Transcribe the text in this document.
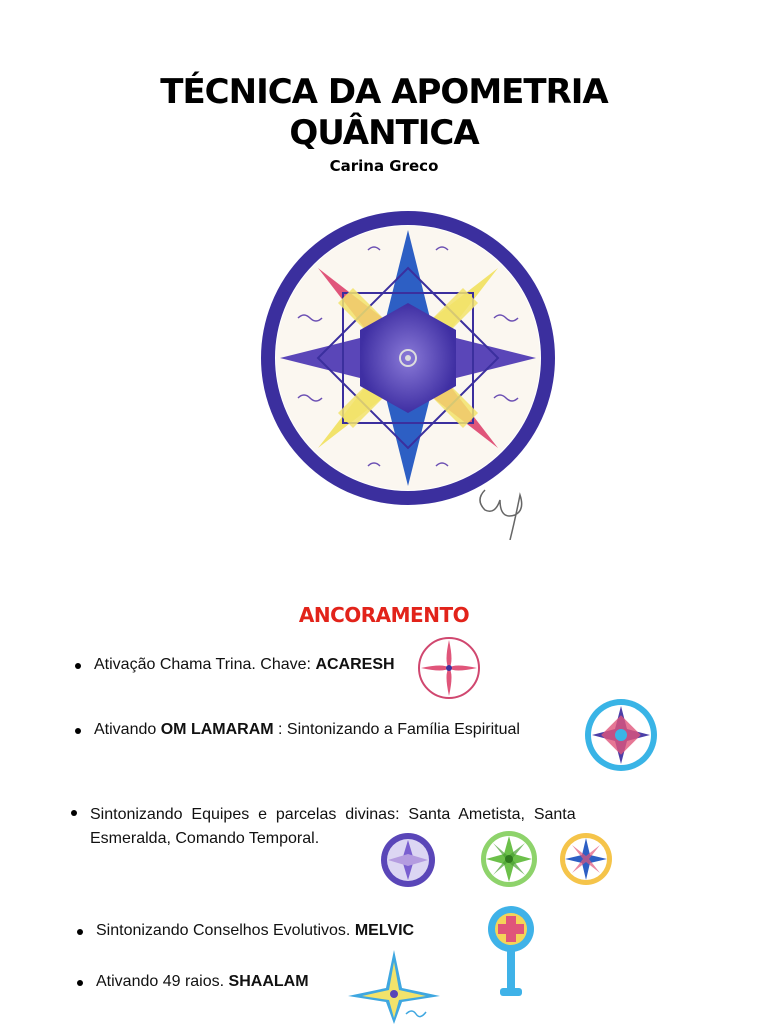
TÉCNICA DA APOMETRIA
QUÂNTICA
Carina Greco
ANCORAMENTO
Ativação Chama Trina. Chave: ACARESH
Ativando OM LAMARAM : Sintonizando a Família Espiritual
Sintonizando  Equipes  e  parcelas  divinas:  Santa  Ametista,  Santa
Esmeralda, Comando Temporal.
Sintonizando Conselhos Evolutivos. MELVIC
Ativando 49 raios. SHAALAM
